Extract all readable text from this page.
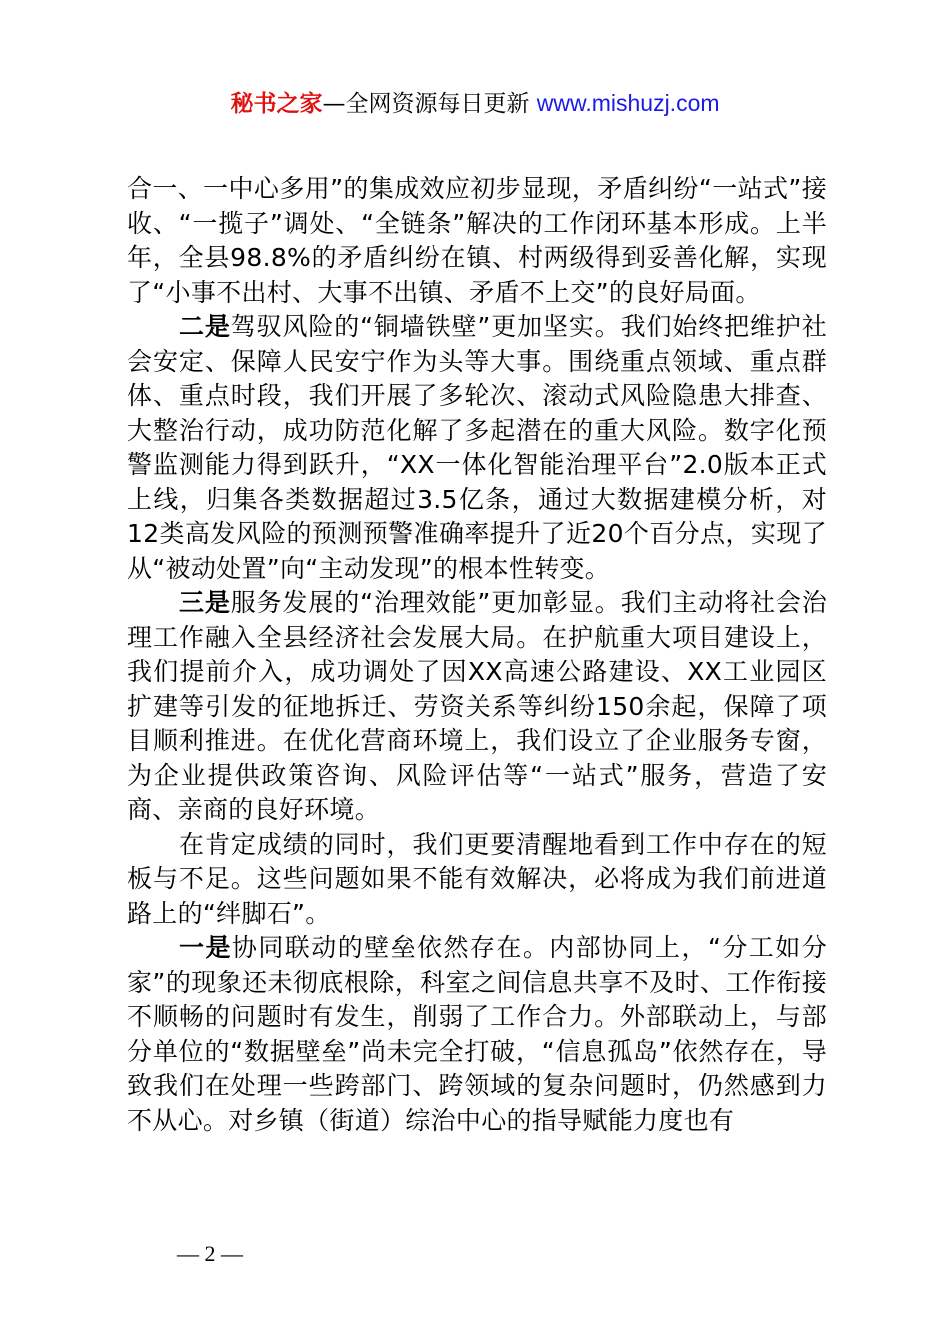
秘书之家—全网资源每日更新 www.mishuzj.com

合一、一中心多用”的集成效应初步显现，矛盾纠纷“一站式”接收、“一揽子”调处、“全链条”解决的工作闭环基本形成。上半年，全县98.8%的矛盾纠纷在镇、村两级得到妥善化解，实现了“小事不出村、大事不出镇、矛盾不上交”的良好局面。

二是驾驭风险的“铜墙铁壁”更加坚实。我们始终把维护社会安定、保障人民安宁作为头等大事。围绕重点领域、重点群体、重点时段，我们开展了多轮次、滚动式风险隐患大排查、大整治行动，成功防范化解了多起潜在的重大风险。数字化预警监测能力得到跃升，“XX一体化智能治理平台”2.0版本正式上线，归集各类数据超过3.5亿条，通过大数据建模分析，对12类高发风险的预测预警准确率提升了近20个百分点，实现了从“被动处置”向“主动发现”的根本性转变。

三是服务发展的“治理效能”更加彰显。我们主动将社会治理工作融入全县经济社会发展大局。在护航重大项目建设上，我们提前介入，成功调处了因XX高速公路建设、XX工业园区扩建等引发的征地拆迁、劳资关系等纠纷150余起，保障了项目顺利推进。在优化营商环境上，我们设立了企业服务专窗，为企业提供政策咨询、风险评估等“一站式”服务，营造了安商、亲商的良好环境。

在肯定成绩的同时，我们更要清醒地看到工作中存在的短板与不足。这些问题如果不能有效解决，必将成为我们前进道路上的“绊脚石”。

一是协同联动的壁垒依然存在。内部协同上，“分工如分家”的现象还未彻底根除，科室之间信息共享不及时、工作衔接不顺畅的问题时有发生，削弱了工作合力。外部联动上，与部分单位的“数据壁垒”尚未完全打破，“信息孤岛”依然存在，导致我们在处理一些跨部门、跨领域的复杂问题时，仍然感到力不从心。对乡镇（街道）综治中心的指导赋能力度也有

— 2 —
